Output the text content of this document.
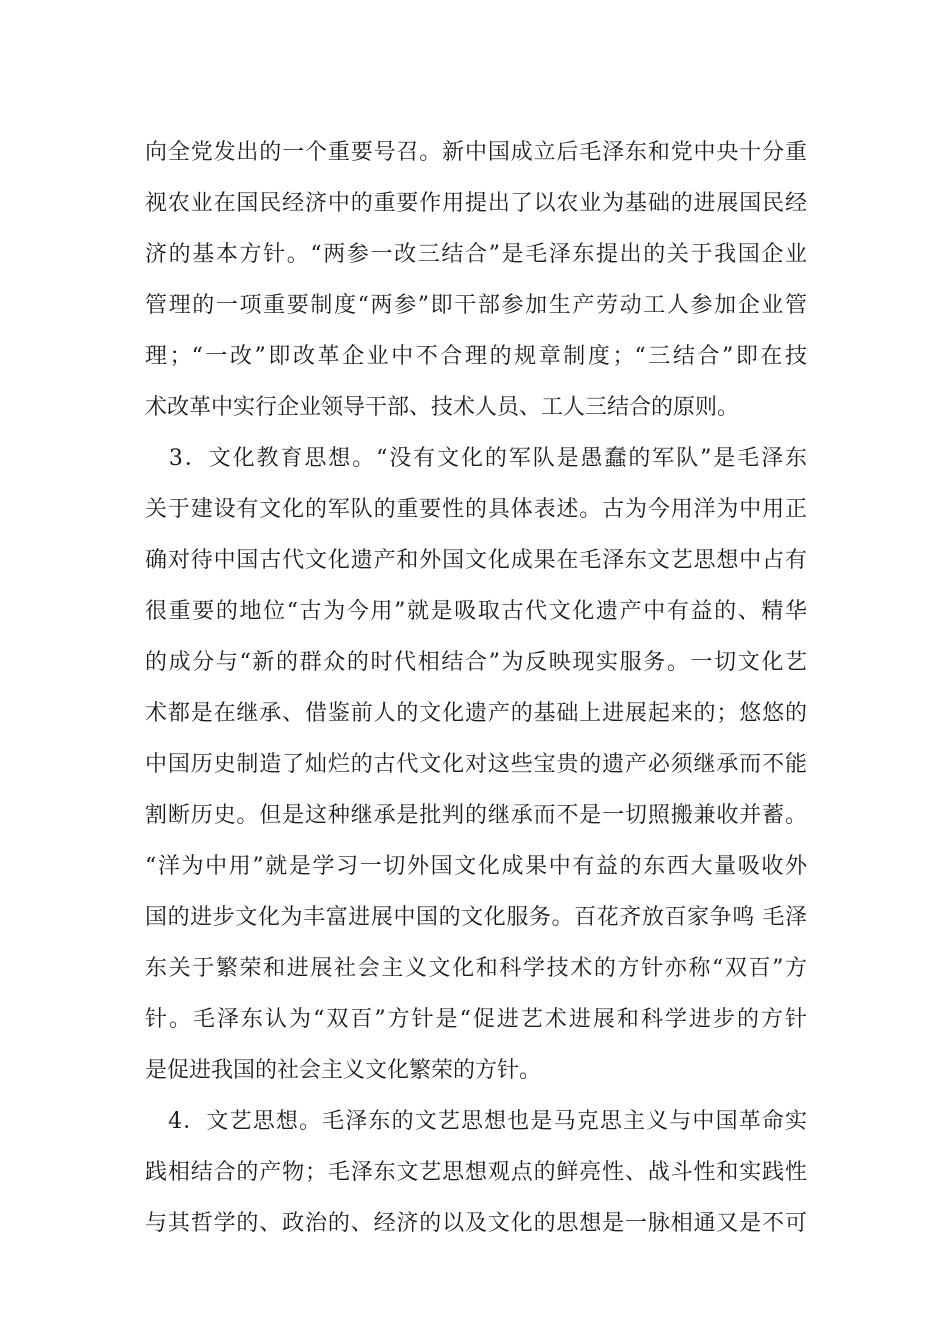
向全党发出的一个重要号召。新中国成立后毛泽东和党中央十分重
视农业在国民经济中的重要作用提出了以农业为基础的进展国民经
济的基本方针。“两参一改三结合”是毛泽东提出的关于我国企业
管理的一项重要制度“两参”即干部参加生产劳动工人参加企业管
理；“一改”即改革企业中不合理的规章制度；“三结合”即在技
术改革中实行企业领导干部、技术人员、工人三结合的原则。
　3．文化教育思想。“没有文化的军队是愚蠢的军队”是毛泽东
关于建设有文化的军队的重要性的具体表述。古为今用洋为中用正
确对待中国古代文化遗产和外国文化成果在毛泽东文艺思想中占有
很重要的地位“古为今用”就是吸取古代文化遗产中有益的、精华
的成分与“新的群众的时代相结合”为反映现实服务。一切文化艺
术都是在继承、借鉴前人的文化遗产的基础上进展起来的；悠悠的
中国历史制造了灿烂的古代文化对这些宝贵的遗产必须继承而不能
割断历史。但是这种继承是批判的继承而不是一切照搬兼收并蓄。
“洋为中用”就是学习一切外国文化成果中有益的东西大量吸收外
国的进步文化为丰富进展中国的文化服务。百花齐放百家争鸣 毛泽
东关于繁荣和进展社会主义文化和科学技术的方针亦称“双百”方
针。毛泽东认为“双百”方针是“促进艺术进展和科学进步的方针
是促进我国的社会主义文化繁荣的方针。
　4．文艺思想。毛泽东的文艺思想也是马克思主义与中国革命实
践相结合的产物；毛泽东文艺思想观点的鲜亮性、战斗性和实践性
与其哲学的、政治的、经济的以及文化的思想是一脉相通又是不可
